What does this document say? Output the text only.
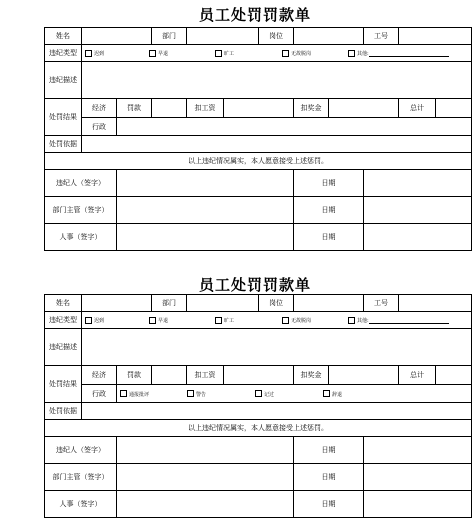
员工处罚罚款单
姓名			部门			岗位			工号		
违纪类型	迟到 早退 旷工 无故脱岗 其他:										
违纪描述											
处罚结果	经济	罚款		扣工资			扣奖金			总计	
	行政										
处罚依据											
以上违纪情况属实，本人愿意接受上述惩罚。											
违纪人（签字）							日期				
部门主管（签字）							日期				
人事（签字）							日期				
员工处罚罚款单
姓名			部门			岗位			工号		
违纪类型	迟到 早退 旷工 无故脱岗 其他:										
违纪描述											
处罚结果	经济	罚款		扣工资			扣奖金			总计	
	行政	通报批评 警告 记过 辞退									
处罚依据											
以上违纪情况属实，本人愿意接受上述惩罚。											
违纪人（签字）							日期				
部门主管（签字）							日期				
人事（签字）							日期				
